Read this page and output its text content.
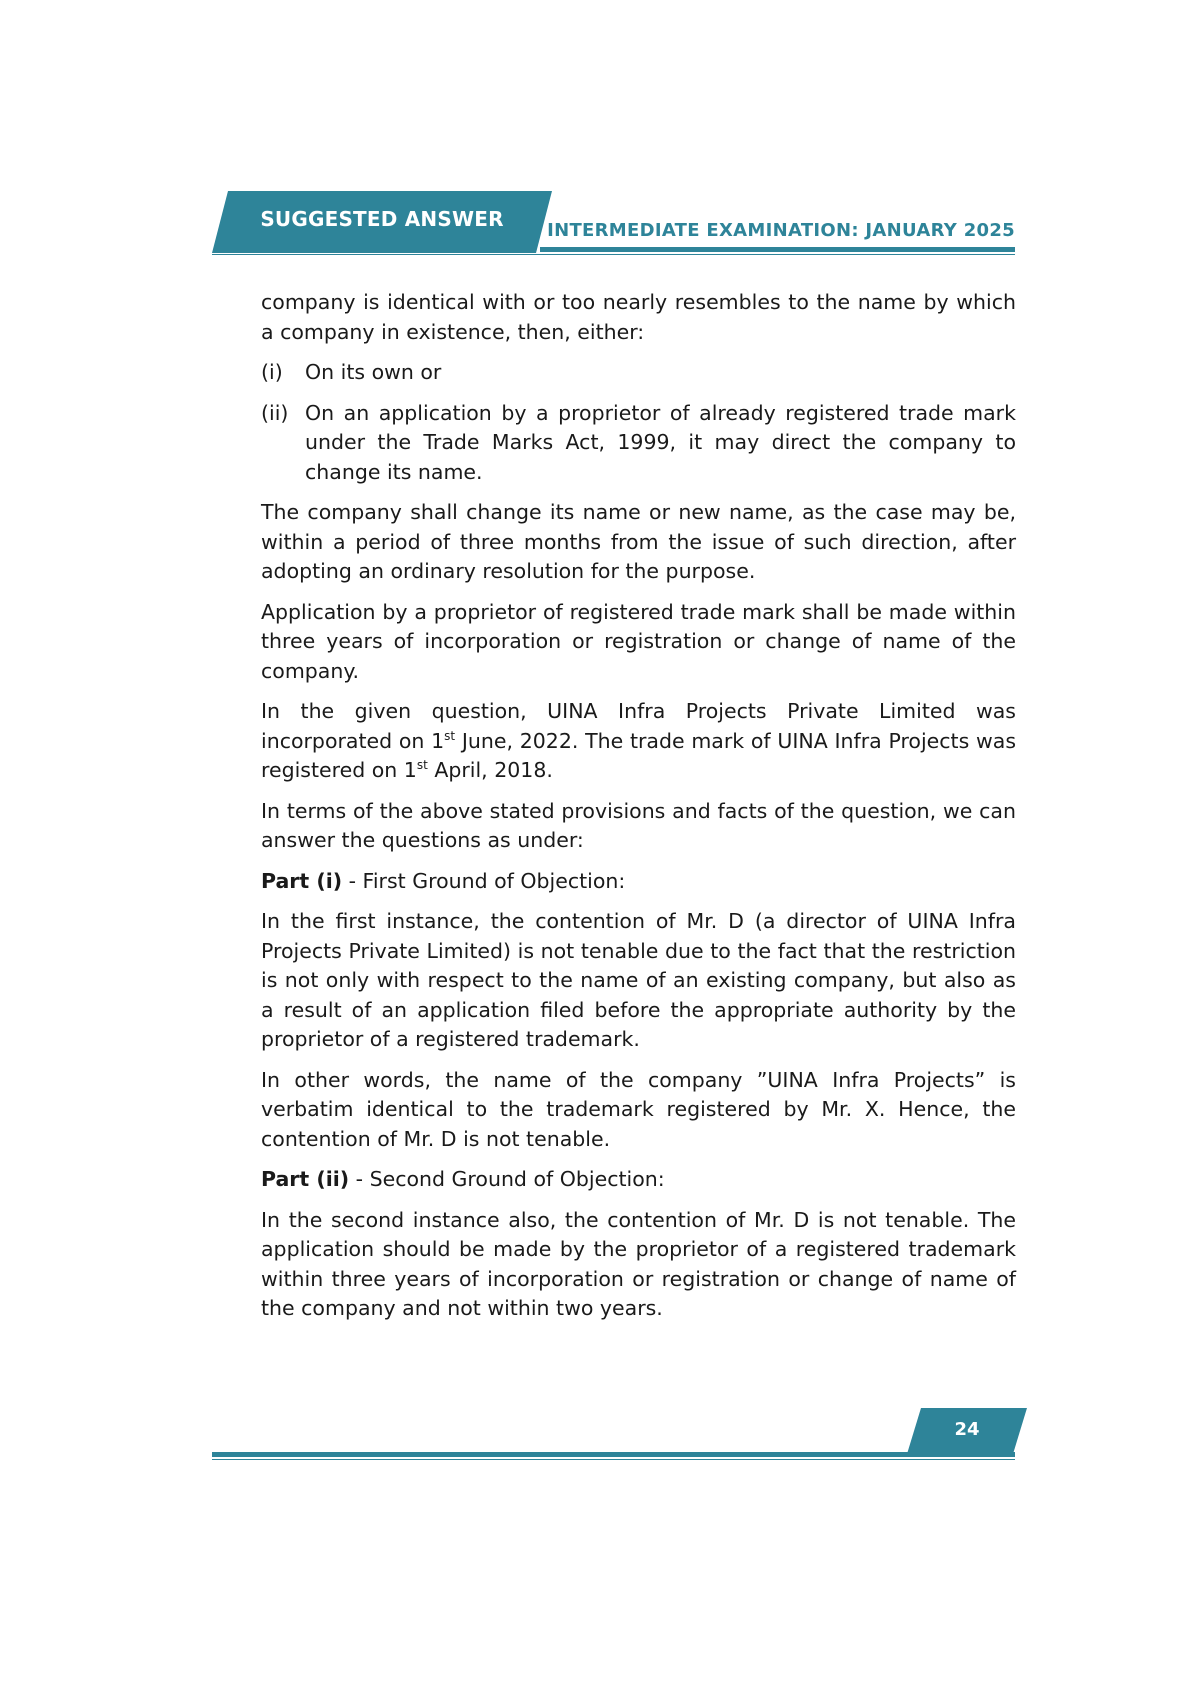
SUGGESTED ANSWER	INTERMEDIATE EXAMINATION: JANUARY 2025

company is identical with or too nearly resembles to the name by which a company in existence, then, either:

(i)	On its own or
(ii) On an application by a proprietor of already registered trade mark under the Trade Marks Act, 1999, it may direct the company to change its name.

The company shall change its name or new name, as the case may be, within a period of three months from the issue of such direction, after adopting an ordinary resolution for the purpose.

Application by a proprietor of registered trade mark shall be made within three years of incorporation or registration or change of name of the company.

In the given question, UINA Infra Projects Private Limited was incorporated on 1st June, 2022. The trade mark of UINA Infra Projects was registered on 1st April, 2018.

In terms of the above stated provisions and facts of the question, we can answer the questions as under:

Part (i) - First Ground of Objection:

In the first instance, the contention of Mr. D (a director of UINA Infra Projects Private Limited) is not tenable due to the fact that the restriction is not only with respect to the name of an existing company, but also as a result of an application filed before the appropriate authority by the proprietor of a registered trademark.

In other words, the name of the company ”UINA Infra Projects” is verbatim identical to the trademark registered by Mr. X. Hence, the contention of Mr. D is not tenable.

Part (ii) - Second Ground of Objection:

In the second instance also, the contention of Mr. D is not tenable. The application should be made by the proprietor of a registered trademark within three years of incorporation or registration or change of name of the company and not within two years.

24
